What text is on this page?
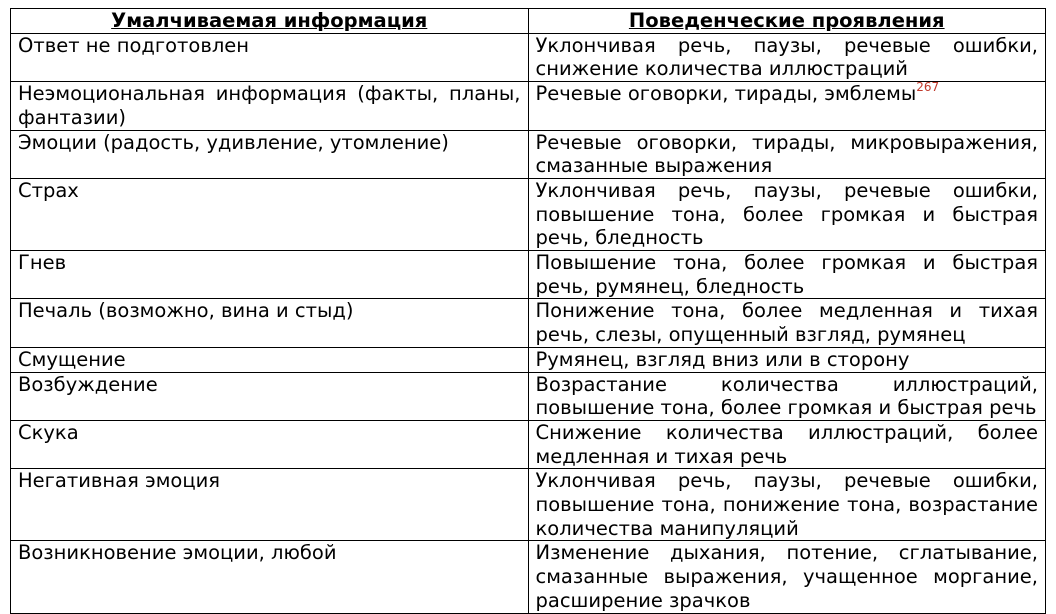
Умалчиваемая информация	Поведенческие проявления
Ответ не подготовлен	Уклончивая речь, паузы, речевые ошибки, снижение количества иллюстраций
Неэмоциональная информация (факты, планы, фантазии)	Речевые оговорки, тирады, эмблемы$^{267}$
Эмоции (радость, удивление, утомление)	Речевые оговорки, тирады, микровыражения, смазанные выражения
Страх	Уклончивая речь, паузы, речевые ошибки, повышение тона, более громкая и быстрая речь, бледность
Гнев	Повышение тона, более громкая и быстрая речь, румянец, бледность
Печаль (возможно, вина и стыд)	Понижение тона, более медленная и тихая речь, слезы, опущенный взгляд, румянец
Смущение	Румянец, взгляд вниз или в сторону
Возбуждение	Возрастание количества иллюстраций, повышение тона, более громкая и быстрая речь
Скука	Снижение количества иллюстраций, более медленная и тихая речь
Негативная эмоция	Уклончивая речь, паузы, речевые ошибки, повышение тона, понижение тона, возрастание количества манипуляций
Возникновение эмоции, любой	Изменение дыхания, потение, сглатывание, смазанные выражения, учащенное моргание, расширение зрачков
